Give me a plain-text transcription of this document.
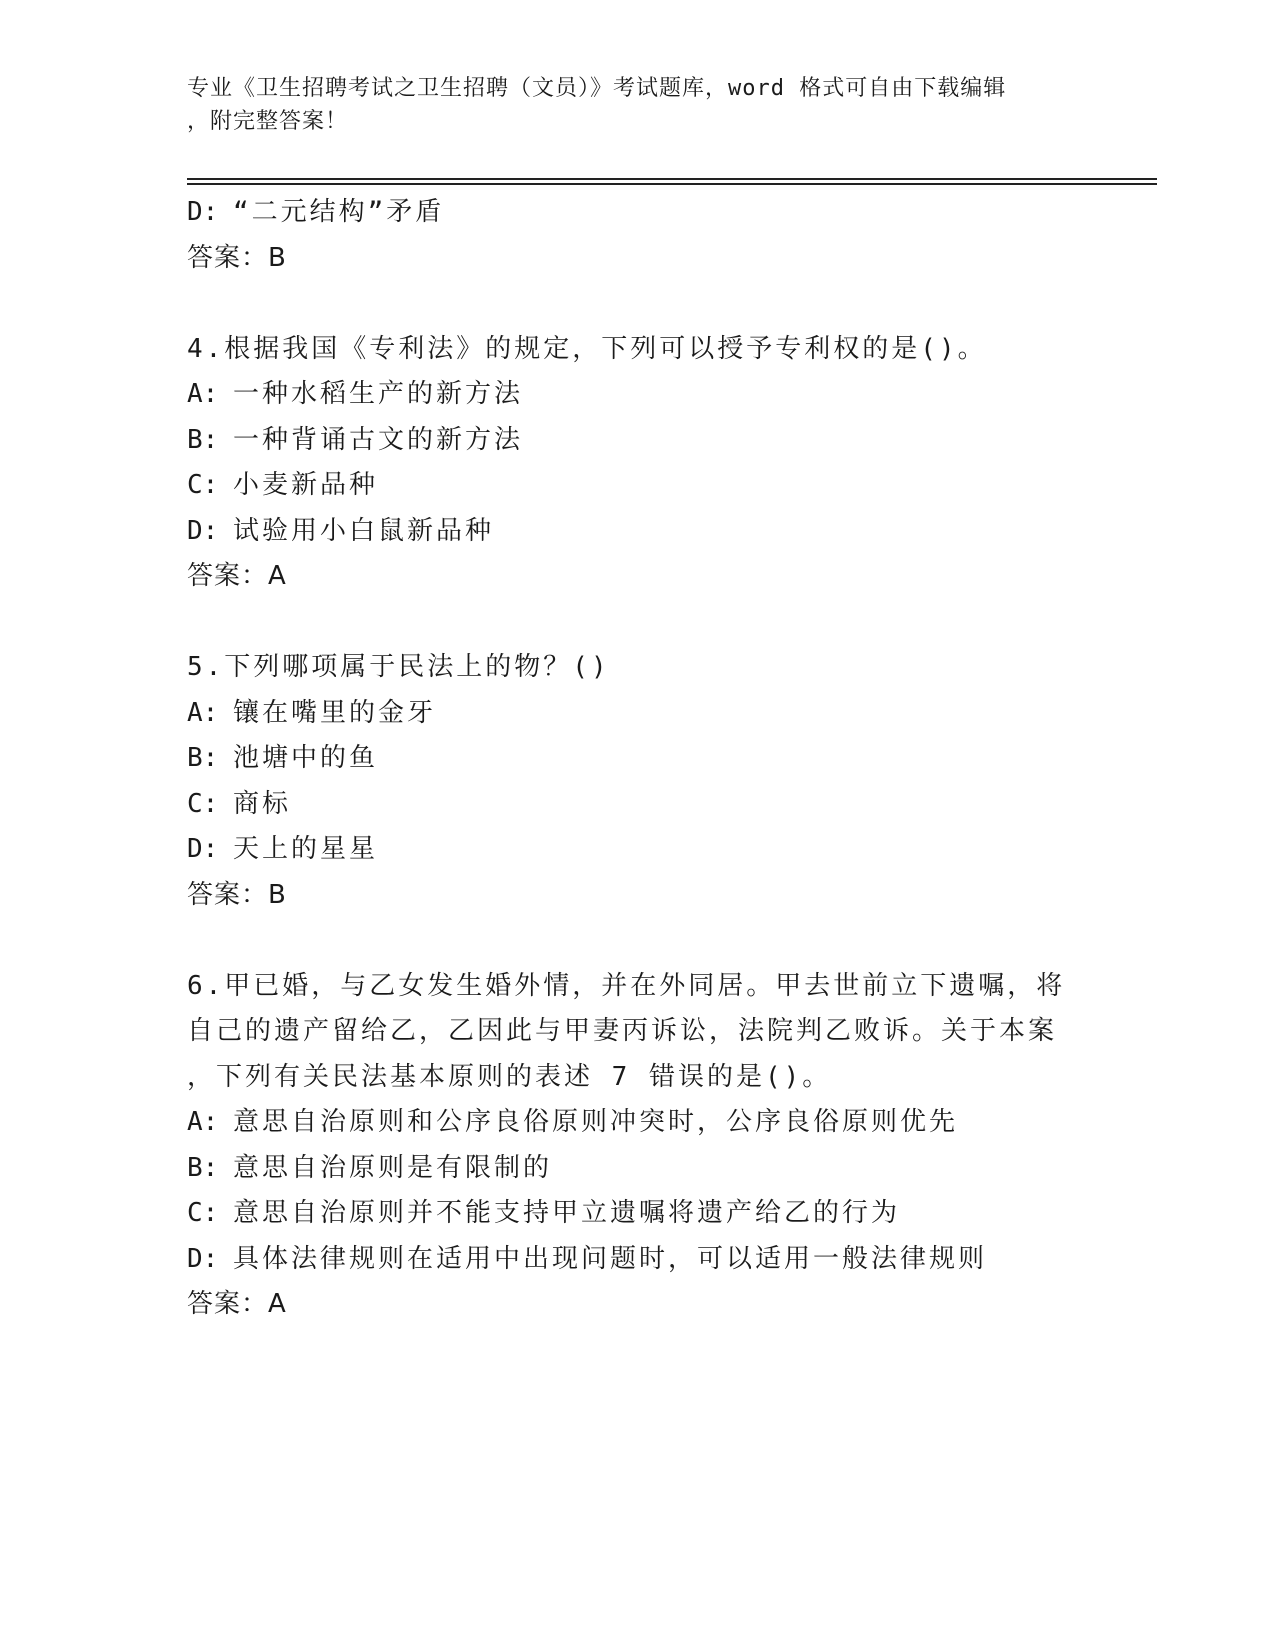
专业《卫生招聘考试之卫生招聘（文员）》考试题库，word 格式可自由下载编辑
，附完整答案！
D: “二元结构”矛盾
答案：B
4.根据我国《专利法》的规定，下列可以授予专利权的是()。
A: 一种水稻生产的新方法
B: 一种背诵古文的新方法
C: 小麦新品种
D: 试验用小白鼠新品种
答案：A
5.下列哪项属于民法上的物？()
A: 镶在嘴里的金牙
B: 池塘中的鱼
C: 商标
D: 天上的星星
答案：B
6.甲已婚，与乙女发生婚外情，并在外同居。甲去世前立下遗嘱，将
自己的遗产留给乙，乙因此与甲妻丙诉讼，法院判乙败诉。关于本案
，下列有关民法基本原则的表述 7 错误的是()。
A: 意思自治原则和公序良俗原则冲突时，公序良俗原则优先
B: 意思自治原则是有限制的
C: 意思自治原则并不能支持甲立遗嘱将遗产给乙的行为
D: 具体法律规则在适用中出现问题时，可以适用一般法律规则
答案：A
